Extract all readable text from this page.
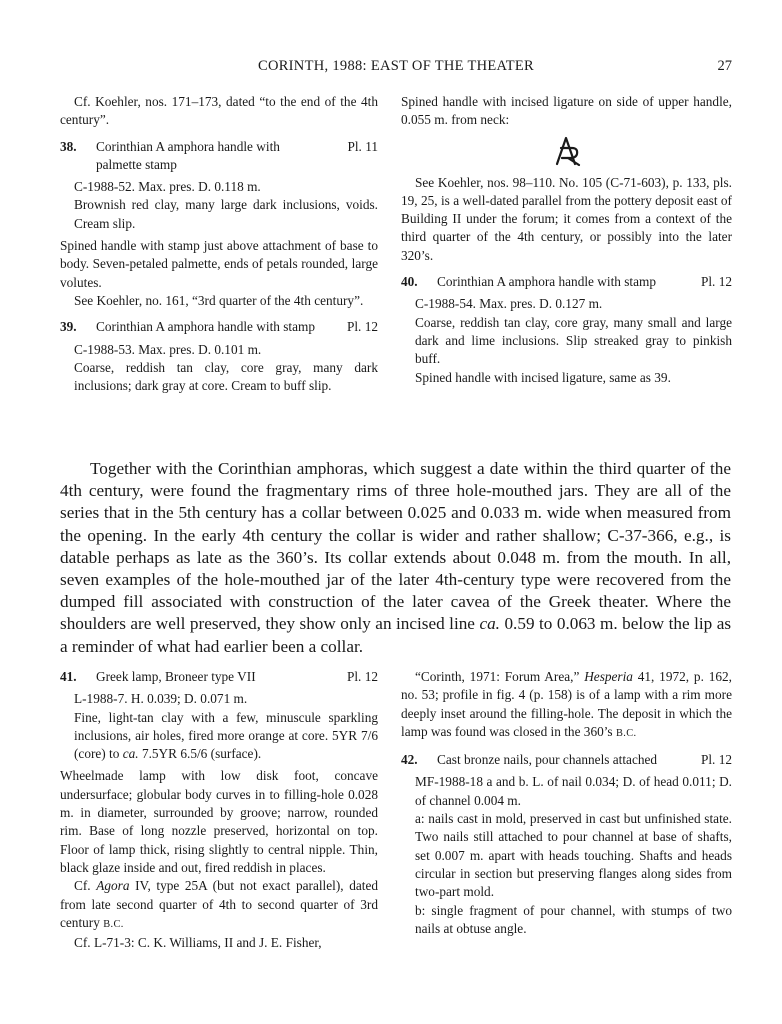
CORINTH, 1988: EAST OF THE THEATER	27

Cf. Koehler, nos. 171–173, dated “to the end of the 4th century”.

38. Corinthian A amphora handle with palmette stamp
Pl. 11

C-1988-52. Max. pres. D. 0.118 m.

Brownish red clay, many large dark inclusions, voids. Cream slip.

Spined handle with stamp just above attachment of base to body. Seven-petaled palmette, ends of petals rounded, large volutes.

See Koehler, no. 161, “3rd quarter of the 4th century”.

39. Corinthian A amphora handle with stamp Pl. 12

C-1988-53. Max. pres. D. 0.101 m.

Coarse, reddish tan clay, core gray, many dark inclusions; dark gray at core. Cream to buff slip.

Spined handle with incised ligature on side of upper handle, 0.055 m. from neck:

See Koehler, nos. 98–110. No. 105 (C-71-603), p. 133, pls. 19, 25, is a well-dated parallel from the pottery deposit east of Building II under the forum; it comes from a context of the third quarter of the 4th century, or possibly into the later 320’s.

40. Corinthian A amphora handle with stamp	Pl. 12

C-1988-54. Max. pres. D. 0.127 m.

Coarse, reddish tan clay, core gray, many small and large dark and lime inclusions. Slip streaked gray to pinkish buff.

Spined handle with incised ligature, same as 39.

Together with the Corinthian amphoras, which suggest a date within the third quarter of the 4th century, were found the fragmentary rims of three hole-mouthed jars. They are all of the series that in the 5th century has a collar between 0.025 and 0.033 m. wide when measured from the opening. In the early 4th century the collar is wider and rather shallow; C-37-366, e.g., is datable perhaps as late as the 360’s. Its collar extends about 0.048 m. from the mouth. In all, seven examples of the hole-mouthed jar of the later 4th-century type were recovered from the dumped fill associated with construction of the later cavea of the Greek theater. Where the shoulders are well preserved, they show only an incised line ca. 0.59 to 0.063 m. below the lip as a reminder of what had earlier been a collar.

41. Greek lamp, Broneer type VII	Pl. 12

L-1988-7. H. 0.039; D. 0.071 m.

Fine, light-tan clay with a few, minuscule sparkling inclusions, air holes, fired more orange at core. 5YR 7/6 (core) to ca. 7.5YR 6.5/6 (surface).

Wheelmade lamp with low disk foot, concave undersurface; globular body curves in to filling-hole 0.028 m. in diameter, surrounded by groove; narrow, rounded rim. Base of long nozzle preserved, horizontal on top. Floor of lamp thick, rising slightly to central nipple. Thin, black glaze inside and out, fired reddish in places.

Cf. Agora IV, type 25A (but not exact parallel), dated from late second quarter of 4th to second quarter of 3rd century B.C.

Cf. L-71-3: C. K. Williams, II and J. E. Fisher,

“Corinth, 1971: Forum Area,” Hesperia 41, 1972, p. 162, no. 53; profile in fig. 4 (p. 158) is of a lamp with a rim more deeply inset around the filling-hole. The deposit in which the lamp was found was closed in the 360’s B.C.

42. Cast bronze nails, pour channels attached	Pl. 12

MF-1988-18 a and b. L. of nail 0.034; D. of head 0.011; D. of channel 0.004 m.

a: nails cast in mold, preserved in cast but unfinished state. Two nails still attached to pour channel at base of shafts, set 0.007 m. apart with heads touching. Shafts and heads circular in section but preserving flanges along sides from two-part mold.

b: single fragment of pour channel, with stumps of two nails at obtuse angle.
